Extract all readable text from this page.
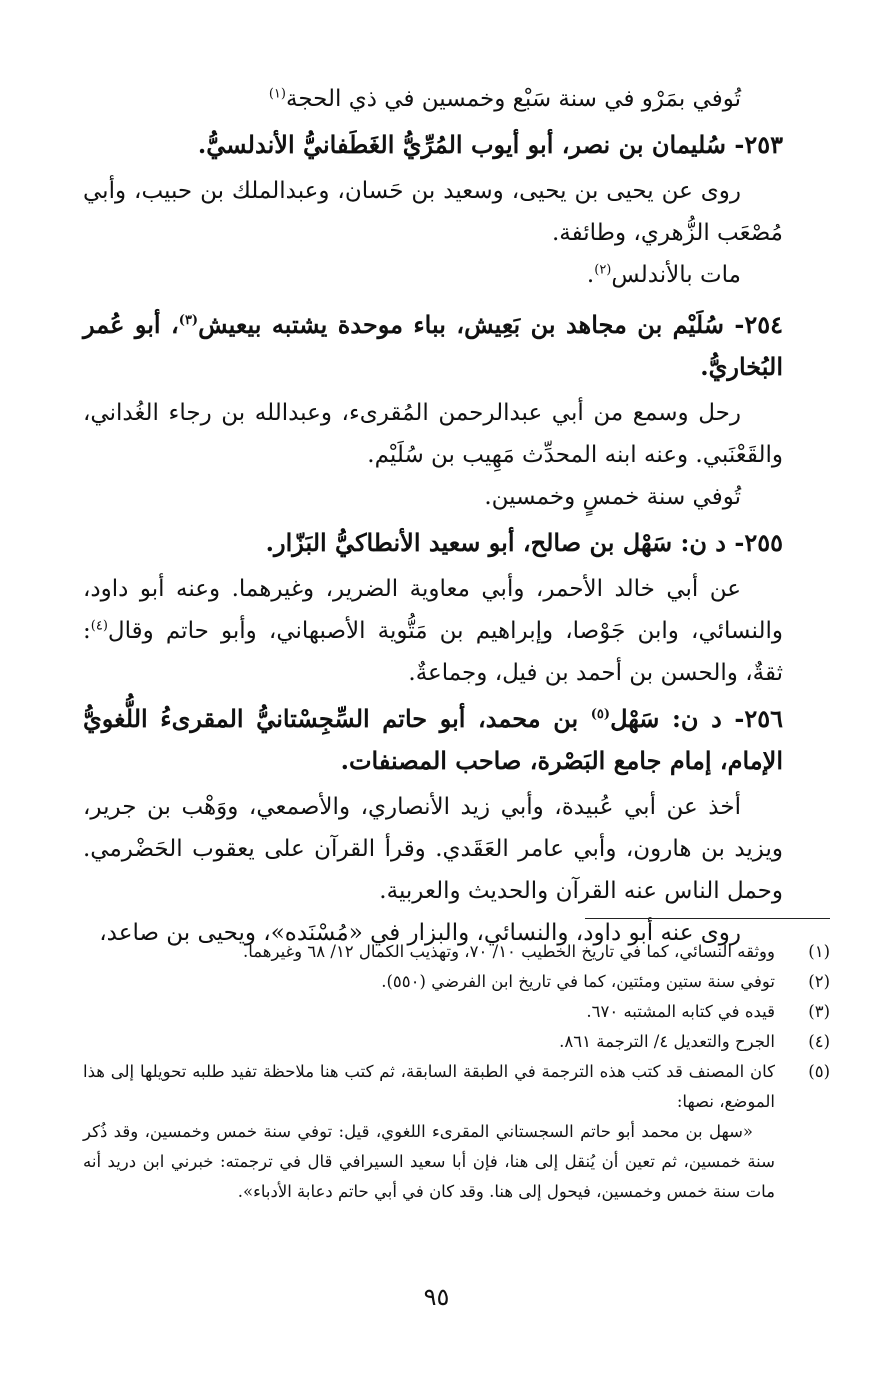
تُوفي بمَرْو في سنة سَبْع وخمسين في ذي الحجة$^{(١)}$

٢٥٣- سُليمان بن نصر، أبو أيوب المُرِّيُّ الغَطَفانيُّ الأندلسيُّ.

روى عن يحيى بن يحيى، وسعيد بن حَسان، وعبدالملك بن حبيب، وأبي مُصْعَب الزُّهري، وطائفة.

مات بالأندلس$^{(٢)}$.

٢٥٤- سُلَيْم بن مجاهد بن بَعِيش، بباء موحدة يشتبه بيعيش$^{(٣)}$، أبو عُمر البُخاريُّ.

رحل وسمع من أبي عبدالرحمن المُقرىء، وعبدالله بن رجاء الغُداني، والقَعْنَبي. وعنه ابنه المحدِّث مَهِيب بن سُلَيْم.

تُوفي سنة خمسٍ وخمسين.

٢٥٥- د ن: سَهْل بن صالح، أبو سعيد الأنطاكيُّ البَزّار.

عن أبي خالد الأحمر، وأبي معاوية الضرير، وغيرهما. وعنه أبو داود، والنسائي، وابن جَوْصا، وإبراهيم بن مَتُّوية الأصبهاني، وأبو حاتم وقال$^{(٤)}$: ثقةٌ، والحسن بن أحمد بن فيل، وجماعةٌ.

٢٥٦- د ن: سَهْل$^{(٥)}$ بن محمد، أبو حاتم السِّجِسْتانيُّ المقرىءُ اللُّغويُّ الإمام، إمام جامع البَصْرة، صاحب المصنفات.

أخذ عن أبي عُبيدة، وأبي زيد الأنصاري، والأصمعي، ووَهْب بن جرير، ويزيد بن هارون، وأبي عامر العَقَدي. وقرأ القرآن على يعقوب الحَضْرمي. وحمل الناس عنه القرآن والحديث والعربية.

روى عنه أبو داود، والنسائي، والبزار في «مُسْنَده»، ويحيى بن صاعد،

(١)
ووثقه النسائي، كما في تاريخ الخطيب ١٠/ ٧٠، وتهذيب الكمال ١٢/ ٦٨ وغيرهما.
(٢)
توفي سنة ستين ومئتين، كما في تاريخ ابن الفرضي (٥٥٠).
(٣)
قيده في كتابه المشتبه ٦٧٠.
(٤)
الجرح والتعديل ٤/ الترجمة ٨٦١.
(٥)
كان المصنف قد كتب هذه الترجمة في الطبقة السابقة، ثم كتب هنا ملاحظة تفيد طلبه تحويلها إلى هذا الموضع، نصها:
«سهل بن محمد أبو حاتم السجستاني المقرىء اللغوي، قيل: توفي سنة خمس وخمسين، وقد ذُكر سنة خمسين، ثم تعين أن يُنقل إلى هنا، فإن أبا سعيد السيرافي قال في ترجمته: خبرني ابن دريد أنه مات سنة خمس وخمسين، فيحول إلى هنا. وقد كان في أبي حاتم دعابة الأدباء».
٩٥
